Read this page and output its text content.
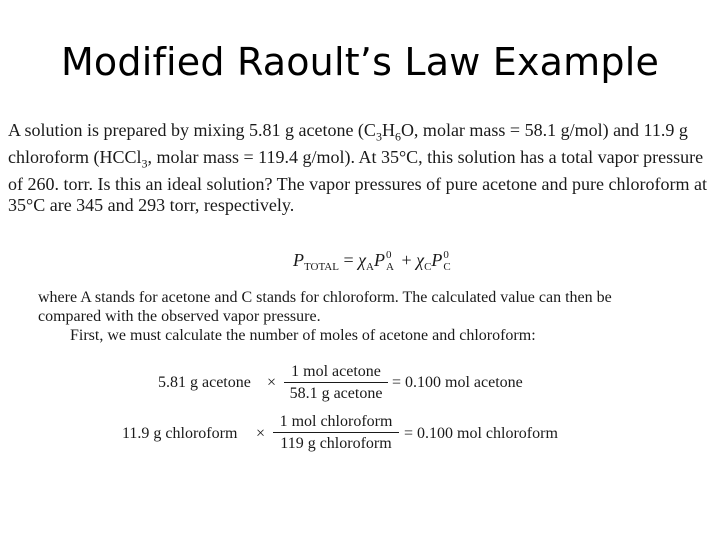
Modified Raoult’s Law Example
A solution is prepared by mixing 5.81 g acetone ($C_3H_6O$, molar mass = 58.1 g/mol) and 11.9 g chloroform (HCCl$_3$, molar mass = 119.4 g/mol). At 35°C, this solution has a total vapor pressure of 260. torr. Is this an ideal solution? The vapor pressures of pure acetone and pure chloroform at 35°C are 345 and 293 torr, respectively.
$P_{TOTAL} = \chi_AP$ 0
$A + \chi_CP$ 0
C
where A stands for acetone and C stands for chloroform. The calculated value can then be compared with the observed vapor pressure.
First, we must calculate the number of moles of acetone and chloroform:
5.81 g acetone ×
1 mol acetone
58.1 g acetone
= 0.100 mol acetone
11.9 g chloroform ×
1 mol chloroform
119 g chloroform
= 0.100 mol chloroform
